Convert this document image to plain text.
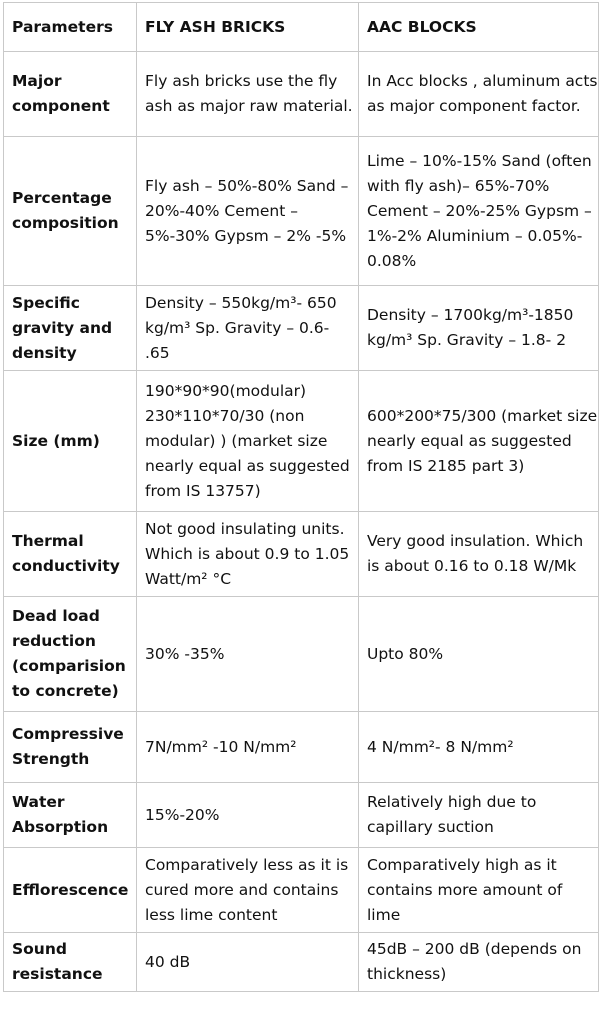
Parameters	FLY ASH BRICKS	AAC BLOCKS
Major component	Fly ash bricks use the fly ash as major raw material.	In Acc blocks , aluminum acts as major component factor.
Percentage composition	Fly ash – 50%-80% Sand – 20%-40% Cement – 5%-30% Gypsm – 2% -5%	Lime – 10%-15% Sand (often with fly ash)– 65%-70% Cement – 20%-25% Gypsm – 1%-2% Aluminium – 0.05%- 0.08%
Specific gravity and density	Density – 550kg/m³- 650 kg/m³ Sp. Gravity – 0.6- .65	Density – 1700kg/m³-1850 kg/m³ Sp. Gravity – 1.8- 2
Size (mm)	190*90*90(modular) 230*110*70/30 (non modular) ) (market size nearly equal as suggested from IS 13757)	600*200*75/300 (market size nearly equal as suggested from IS 2185 part 3)
Thermal conductivity	Not good insulating units. Which is about 0.9 to 1.05 Watt/m² °C	Very good insulation. Which is about 0.16 to 0.18 W/Mk
Dead load reduction (comparision to concrete)	30% -35%	Upto 80%
Compressive Strength	7N/mm² -10 N/mm²	4 N/mm²- 8 N/mm²
Water Absorption	15%-20%	Relatively high due to capillary suction
Efflorescence	Comparatively less as it is cured more and contains less lime content	Comparatively high as it contains more amount of lime
Sound resistance	40 dB	45dB – 200 dB (depends on thickness)
